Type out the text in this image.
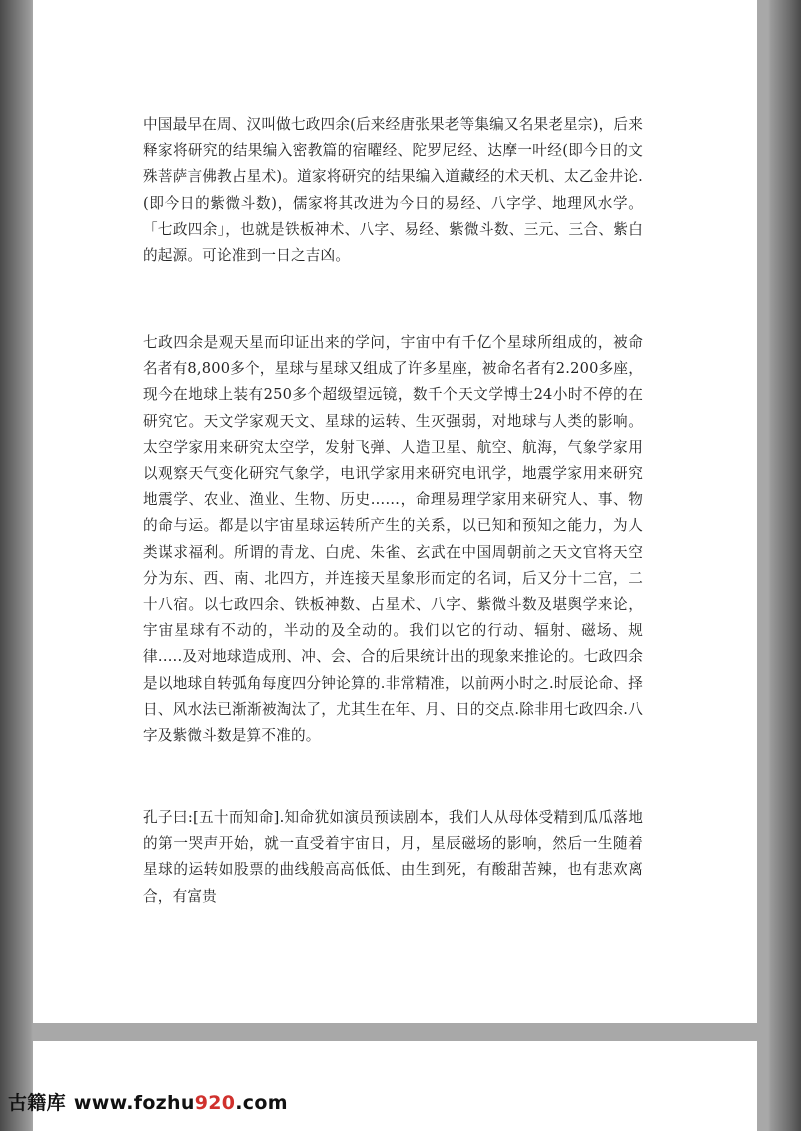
中国最早在周、汉叫做七政四余(后来经唐张果老等集编又名果老星宗)，后来释家将研究的结果编入密教篇的宿曜经、陀罗尼经、达摩一叶经(即今日的文殊菩萨言佛教占星术)。道家将研究的结果编入道藏经的术天机、太乙金井论.(即今日的紫微斗数)，儒家将其改进为今日的易经、八字学、地理风水学。「七政四余」，也就是铁板神术、八字、易经、紫微斗数、三元、三合、紫白的起源。可论准到一日之吉凶。

七政四余是观天星而印证出来的学问，宇宙中有千亿个星球所组成的，被命名者有8,800多个，星球与星球又组成了许多星座，被命名者有2.200多座，现今在地球上装有250多个超级望远镜，数千个天文学博士24小时不停的在研究它。天文学家观天文、星球的运转、生灭强弱，对地球与人类的影响。太空学家用来研究太空学，发射飞弹、人造卫星、航空、航海，气象学家用以观察天气变化研究气象学，电讯学家用来研究电讯学，地震学家用来研究地震学、农业、渔业、生物、历史……，命理易理学家用来研究人、事、物的命与运。都是以宇宙星球运转所产生的关系，以已知和预知之能力，为人类谋求福利。所谓的青龙、白虎、朱雀、玄武在中国周朝前之天文官将天空分为东、西、南、北四方，并连接天星象形而定的名词，后又分十二宫，二十八宿。以七政四余、铁板神数、占星术、八字、紫微斗数及堪舆学来论，宇宙星球有不动的，半动的及全动的。我们以它的行动、辐射、磁场、规律.….及对地球造成刑、冲、会、合的后果统计出的现象来推论的。七政四余是以地球自转弧角每度四分钟论算的.非常精准，以前两小时之.时辰论命、择日、风水法已渐渐被淘汰了，尤其生在年、月、日的交点.除非用七政四余.八字及紫微斗数是算不准的。

孔子曰:[五十而知命].知命犹如演员预读剧本，我们人从母体受精到瓜瓜落地的第一哭声开始，就一直受着宇宙日，月，星辰磁场的影响，然后一生随着星球的运转如股票的曲线般高高低低、由生到死，有酸甜苦辣，也有悲欢离合，有富贵

古籍库 www.fozhu920.com
